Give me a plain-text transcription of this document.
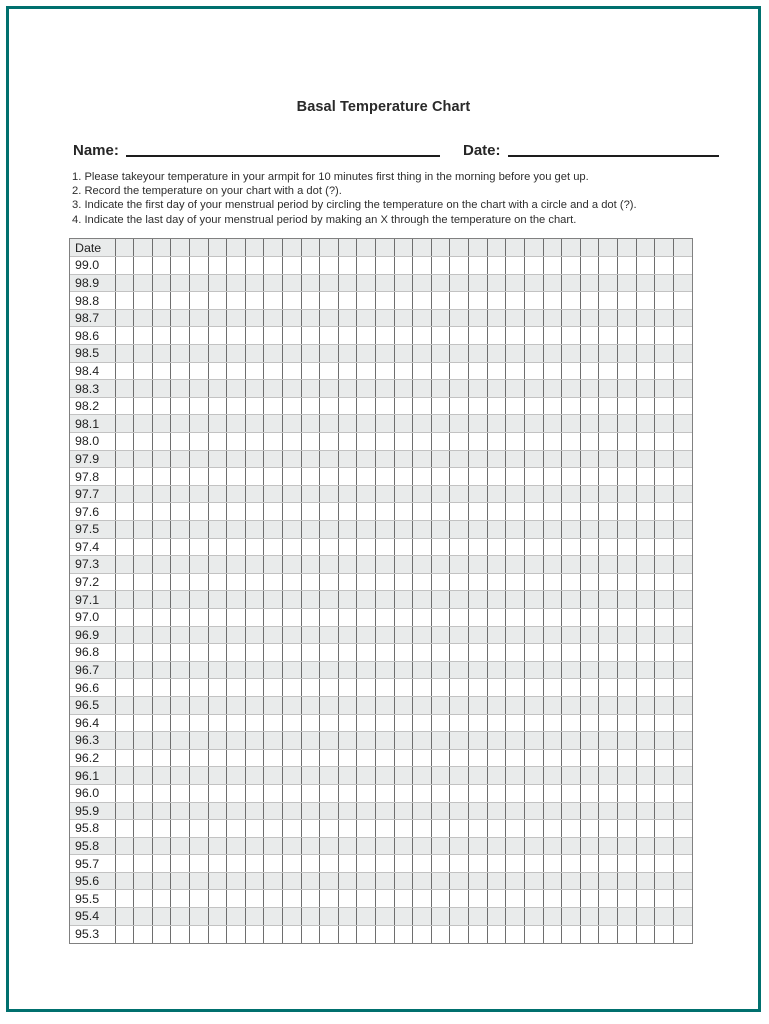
Basal Temperature Chart
Name:	Date:
1. Please takeyour temperature in your armpit for 10 minutes first thing in the morning before you get up.
2. Record the temperature on your chart with a dot (?).
3. Indicate the first day of your menstrual period by circling the temperature on the chart with a circle and a dot (?).
4. Indicate the last day of your menstrual period by making an X through the temperature on the chart.
Date																															
99.0																															
98.9																															
98.8																															
98.7																															
98.6																															
98.5																															
98.4																															
98.3																															
98.2																															
98.1																															
98.0																															
97.9																															
97.8																															
97.7																															
97.6																															
97.5																															
97.4																															
97.3																															
97.2																															
97.1																															
97.0																															
96.9																															
96.8																															
96.7																															
96.6																															
96.5																															
96.4																															
96.3																															
96.2																															
96.1																															
96.0																															
95.9																															
95.8																															
95.8																															
95.7																															
95.6																															
95.5																															
95.4																															
95.3																															
